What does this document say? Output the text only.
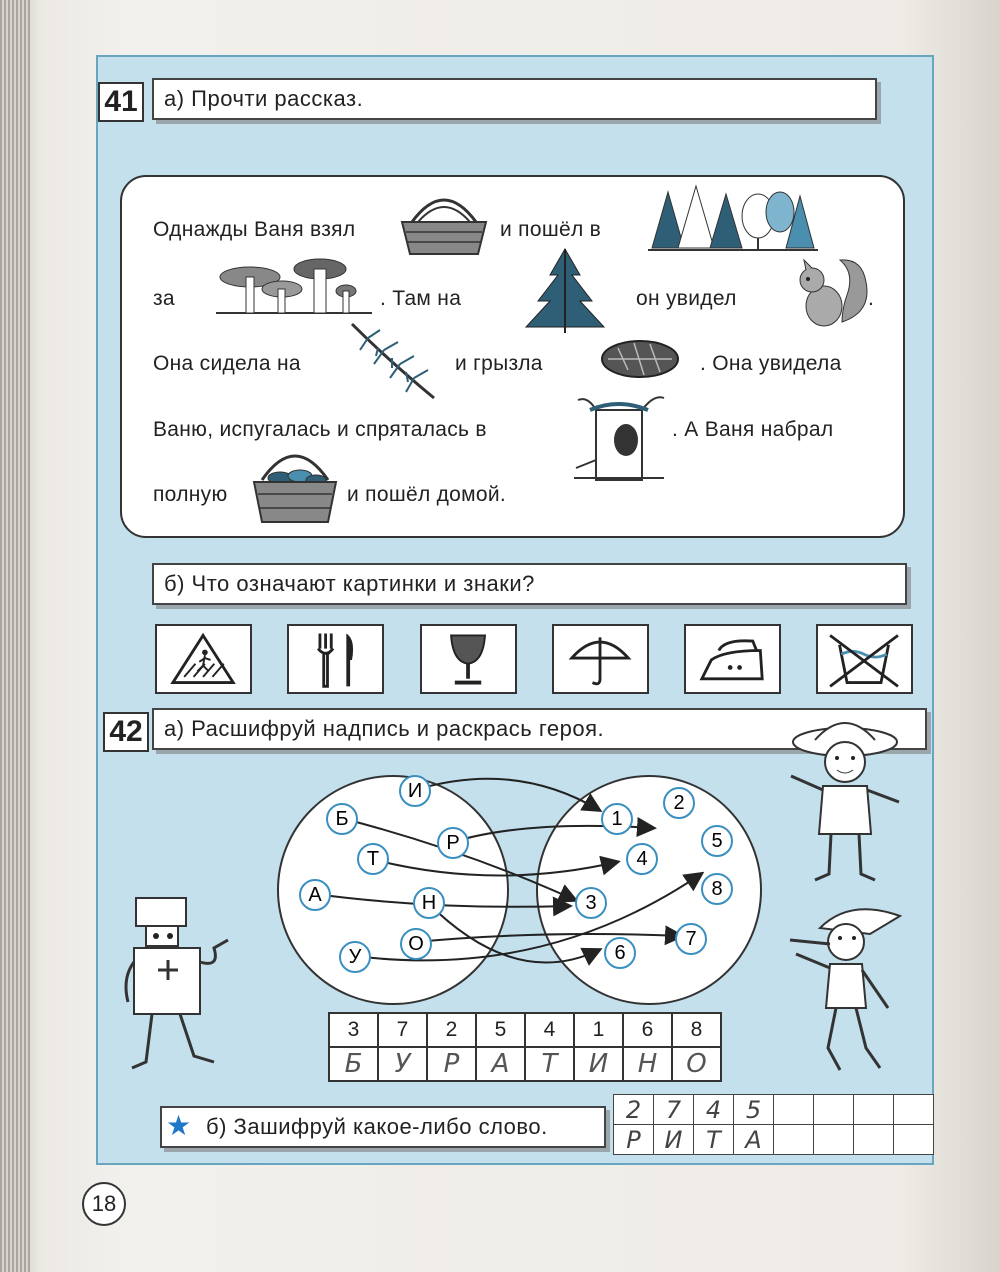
41	а) Прочти рассказ.
Однажды Ваня взял	и пошёл в
за	. Там на	он увидел	.
Она сидела на	и грызла	. Она увидела
Ваню, испугалась и спряталась в	. А Ваня набрал
полную	и пошёл домой.
б) Что означают картинки и знаки?
42 а) Расшифруй надпись и раскрась героя.
Б
И
Т
Р
А	Н
У
О
1
2
4
5
3
8
6
7
3	7	2	5	4	1	6	8
Б	У	Р	А	Т	И	Н	О
б) Зашифруй какое-либо слово.
★
2	7	4	5				
Р	И	Т	А				
18
